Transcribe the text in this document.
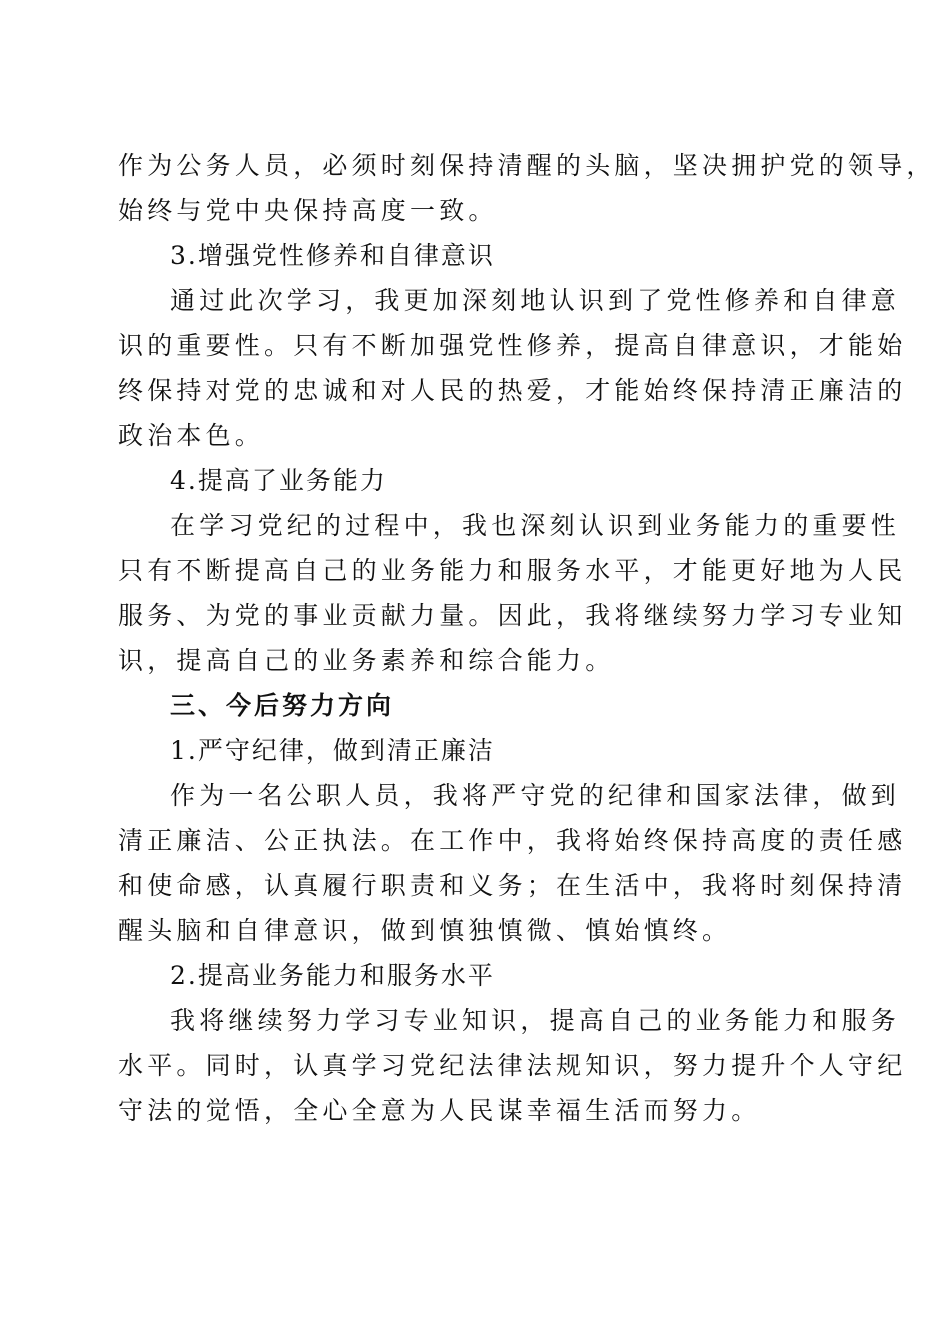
作为公务人员，必须时刻保持清醒的头脑，坚决拥护党的领导，
始终与党中央保持高度一致。
3.增强党性修养和自律意识
通过此次学习，我更加深刻地认识到了党性修养和自律意
识的重要性。只有不断加强党性修养，提高自律意识，才能始
终保持对党的忠诚和对人民的热爱，才能始终保持清正廉洁的
政治本色。
4.提高了业务能力
在学习党纪的过程中，我也深刻认识到业务能力的重要性
只有不断提高自己的业务能力和服务水平，才能更好地为人民
服务、为党的事业贡献力量。因此，我将继续努力学习专业知
识，提高自己的业务素养和综合能力。
三、今后努力方向
1.严守纪律，做到清正廉洁
作为一名公职人员，我将严守党的纪律和国家法律，做到
清正廉洁、公正执法。在工作中，我将始终保持高度的责任感
和使命感，认真履行职责和义务；在生活中，我将时刻保持清
醒头脑和自律意识，做到慎独慎微、慎始慎终。
2.提高业务能力和服务水平
我将继续努力学习专业知识，提高自己的业务能力和服务
水平。同时，认真学习党纪法律法规知识，努力提升个人守纪
守法的觉悟，全心全意为人民谋幸福生活而努力。
